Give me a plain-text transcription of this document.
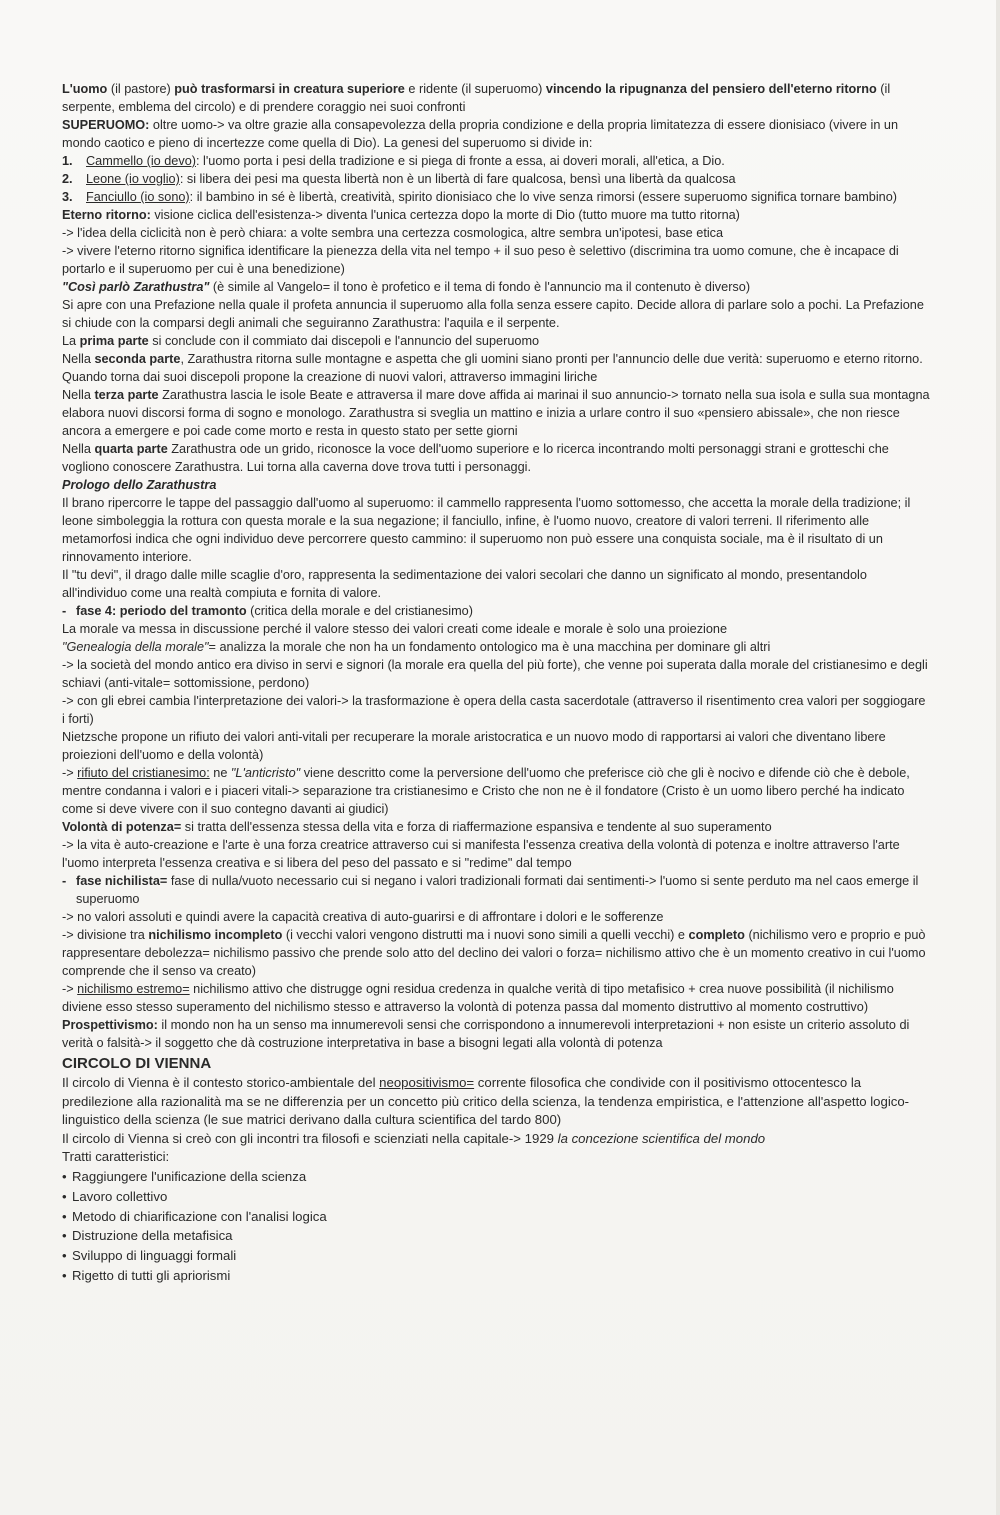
L'uomo (il pastore) può trasformarsi in creatura superiore e ridente (il superuomo) vincendo la ripugnanza del pensiero dell'eterno ritorno (il serpente, emblema del circolo) e di prendere coraggio nei suoi confronti

SUPERUOMO: oltre uomo-> va oltre grazie alla consapevolezza della propria condizione e della propria limitatezza di essere dionisiaco (vivere in un mondo caotico e pieno di incertezze come quella di Dio). La genesi del superuomo si divide in:

1. Cammello (io devo): l'uomo porta i pesi della tradizione e si piega di fronte a essa, ai doveri morali, all'etica, a Dio.
2. Leone (io voglio): si libera dei pesi ma questa libertà non è un libertà di fare qualcosa, bensì una libertà da qualcosa
3. Fanciullo (io sono): il bambino in sé è libertà, creatività, spirito dionisiaco che lo vive senza rimorsi (essere superuomo significa tornare bambino)

Eterno ritorno: visione ciclica dell'esistenza-> diventa l'unica certezza dopo la morte di Dio (tutto muore ma tutto ritorna)

-> l'idea della ciclicità non è però chiara: a volte sembra una certezza cosmologica, altre sembra un'ipotesi, base etica

-> vivere l'eterno ritorno significa identificare la pienezza della vita nel tempo + il suo peso è selettivo (discrimina tra uomo comune, che è incapace di portarlo e il superuomo per cui è una benedizione)

"Così parlò Zarathustra" (è simile al Vangelo= il tono è profetico e il tema di fondo è l'annuncio ma il contenuto è diverso)

Si apre con una Prefazione nella quale il profeta annuncia il superuomo alla folla senza essere capito. Decide allora di parlare solo a pochi. La Prefazione si chiude con la comparsi degli animali che seguiranno Zarathustra: l'aquila e il serpente.

La prima parte si conclude con il commiato dai discepoli e l'annuncio del superuomo

Nella seconda parte, Zarathustra ritorna sulle montagne e aspetta che gli uomini siano pronti per l'annuncio delle due verità: superuomo e eterno ritorno. Quando torna dai suoi discepoli propone la creazione di nuovi valori, attraverso immagini liriche

Nella terza parte Zarathustra lascia le isole Beate e attraversa il mare dove affida ai marinai il suo annuncio-> tornato nella sua isola e sulla sua montagna elabora nuovi discorsi forma di sogno e monologo. Zarathustra si sveglia un mattino e inizia a urlare contro il suo «pensiero abissale», che non riesce ancora a emergere e poi cade come morto e resta in questo stato per sette giorni

Nella quarta parte Zarathustra ode un grido, riconosce la voce dell'uomo superiore e lo ricerca incontrando molti personaggi strani e grotteschi che vogliono conoscere Zarathustra. Lui torna alla caverna dove trova tutti i personaggi.

Prologo dello Zarathustra

Il brano ripercorre le tappe del passaggio dall'uomo al superuomo: il cammello rappresenta l'uomo sottomesso, che accetta la morale della tradizione; il leone simboleggia la rottura con questa morale e la sua negazione; il fanciullo, infine, è l'uomo nuovo, creatore di valori terreni. Il riferimento alle metamorfosi indica che ogni individuo deve percorrere questo cammino: il superuomo non può essere una conquista sociale, ma è il risultato di un rinnovamento interiore.

Il "tu devi", il drago dalle mille scaglie d'oro, rappresenta la sedimentazione dei valori secolari che danno un significato al mondo, presentandolo all'individuo come una realtà compiuta e fornita di valore.

- fase 4: periodo del tramonto (critica della morale e del cristianesimo)

La morale va messa in discussione perché il valore stesso dei valori creati come ideale e morale è solo una proiezione

"Genealogia della morale"= analizza la morale che non ha un fondamento ontologico ma è una macchina per dominare gli altri

-> la società del mondo antico era diviso in servi e signori (la morale era quella del più forte), che venne poi superata dalla morale del cristianesimo e degli schiavi (anti-vitale= sottomissione, perdono)

-> con gli ebrei cambia l'interpretazione dei valori-> la trasformazione è opera della casta sacerdotale (attraverso il risentimento crea valori per soggiogare i forti)

Nietzsche propone un rifiuto dei valori anti-vitali per recuperare la morale aristocratica e un nuovo modo di rapportarsi ai valori che diventano libere proiezioni dell'uomo e della volontà)

-> rifiuto del cristianesimo: ne "L'anticristo" viene descritto come la perversione dell'uomo che preferisce ciò che gli è nocivo e difende ciò che è debole, mentre condanna i valori e i piaceri vitali-> separazione tra cristianesimo e Cristo che non ne è il fondatore (Cristo è un uomo libero perché ha indicato come si deve vivere con il suo contegno davanti ai giudici)

Volontà di potenza= si tratta dell'essenza stessa della vita e forza di riaffermazione espansiva e tendente al suo superamento

-> la vita è auto-creazione e l'arte è una forza creatrice attraverso cui si manifesta l'essenza creativa della volontà di potenza e inoltre attraverso l'arte l'uomo interpreta l'essenza creativa e si libera del peso del passato e si "redime" dal tempo

- fase nichilista= fase di nulla/vuoto necessario cui si negano i valori tradizionali formati dai sentimenti-> l'uomo si sente perduto ma nel caos emerge il superuomo

-> no valori assoluti e quindi avere la capacità creativa di auto-guarirsi e di affrontare i dolori e le sofferenze

-> divisione tra nichilismo incompleto (i vecchi valori vengono distrutti ma i nuovi sono simili a quelli vecchi) e completo (nichilismo vero e proprio e può rappresentare debolezza= nichilismo passivo che prende solo atto del declino dei valori o forza= nichilismo attivo che è un momento creativo in cui l'uomo comprende che il senso va creato)

-> nichilismo estremo= nichilismo attivo che distrugge ogni residua credenza in qualche verità di tipo metafisico + crea nuove possibilità (il nichilismo diviene esso stesso superamento del nichilismo stesso e attraverso la volontà di potenza passa dal momento distruttivo al momento costruttivo)

Prospettivismo: il mondo non ha un senso ma innumerevoli sensi che corrispondono a innumerevoli interpretazioni + non esiste un criterio assoluto di verità o falsità-> il soggetto che dà costruzione interpretativa in base a bisogni legati alla volontà di potenza

CIRCOLO DI VIENNA

Il circolo di Vienna è il contesto storico-ambientale del neopositivismo= corrente filosofica che condivide con il positivismo ottocentesco la predilezione alla razionalità ma se ne differenzia per un concetto più critico della scienza, la tendenza empiristica, e l'attenzione all'aspetto logico-linguistico della scienza (le sue matrici derivano dalla cultura scientifica del tardo 800)

Il circolo di Vienna si creò con gli incontri tra filosofi e scienziati nella capitale-> 1929 la concezione scientifica del mondo

Tratti caratteristici:

• Raggiungere l'unificazione della scienza
• Lavoro collettivo
• Metodo di chiarificazione con l'analisi logica
• Distruzione della metafisica
• Sviluppo di linguaggi formali
• Rigetto di tutti gli apriorismi
